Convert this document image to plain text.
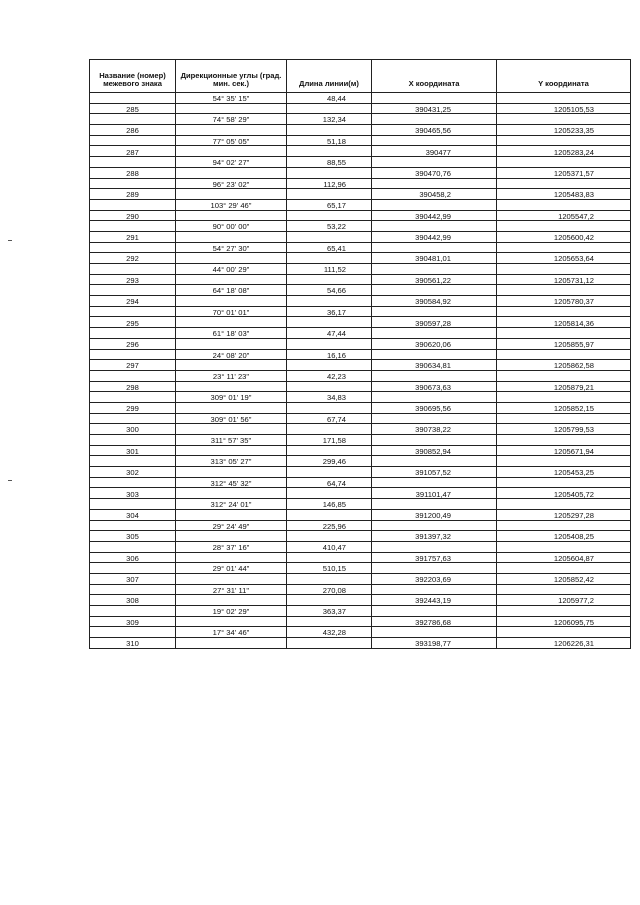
Название (номер) межевого знака	Дирекционные углы (град. мин. сек.)	Длина линии(м)	X координата	Y координата
	54° 35' 15"	48,44		
285			390431,25	1205105,53
	74° 58' 29"	132,34		
286			390465,56	1205233,35
	77° 05' 05"	51,18		
287			390477	1205283,24
	94° 02' 27"	88,55		
288			390470,76	1205371,57
	96° 23' 02"	112,96		
289			390458,2	1205483,83
	103° 29' 46"	65,17		
290			390442,99	1205547,2
	90° 00' 00"	53,22		
291			390442,99	1205600,42
	54° 27' 30"	65,41		
292			390481,01	1205653,64
	44° 00' 29"	111,52		
293			390561,22	1205731,12
	64° 18' 08"	54,66		
294			390584,92	1205780,37
	70° 01' 01"	36,17		
295			390597,28	1205814,36
	61° 18' 03"	47,44		
296			390620,06	1205855,97
	24° 08' 20"	16,16		
297			390634,81	1205862,58
	23° 11' 23"	42,23		
298			390673,63	1205879,21
	309° 01' 19"	34,83		
299			390695,56	1205852,15
	309° 01' 56"	67,74		
300			390738,22	1205799,53
	311° 57' 35"	171,58		
301			390852,94	1205671,94
	313° 05' 27"	299,46		
302			391057,52	1205453,25
	312° 45' 32"	64,74		
303			391101,47	1205405,72
	312° 24' 01"	146,85		
304			391200,49	1205297,28
	29° 24' 49"	225,96		
305			391397,32	1205408,25
	28° 37' 16"	410,47		
306			391757,63	1205604,87
	29° 01' 44"	510,15		
307			392203,69	1205852,42
	27° 31' 11"	270,08		
308			392443,19	1205977,2
	19° 02' 29"	363,37		
309			392786,68	1206095,75
	17° 34' 46"	432,28		
310			393198,77	1206226,31
